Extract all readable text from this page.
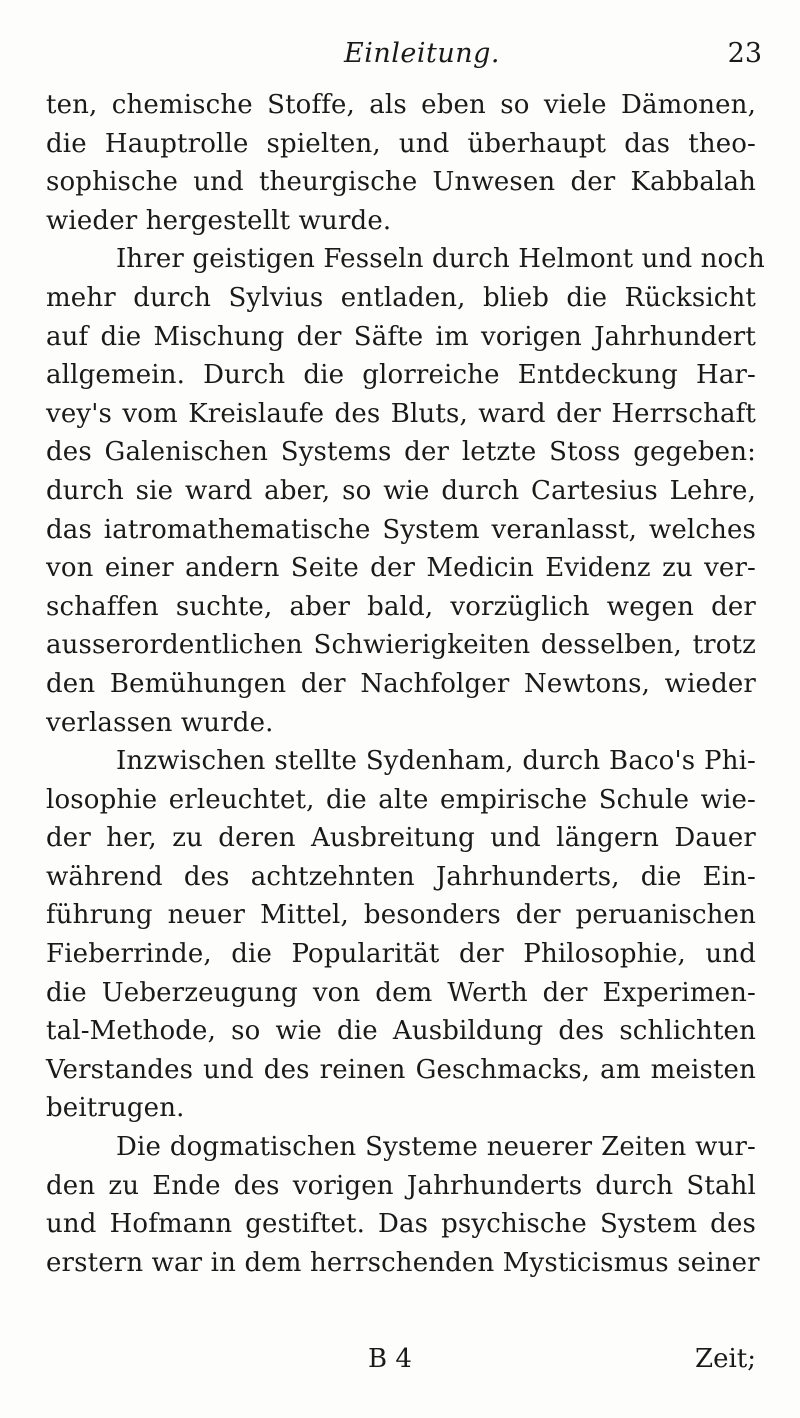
Einleitung.	23
ten, chemische Stoffe, als eben so viele Dämonen,
die Hauptrolle spielten, und überhaupt das theo-
sophische und theurgische Unwesen der Kabbalah
wieder hergestellt wurde.
Ihrer geistigen Fesseln durch Helmont und noch
mehr durch Sylvius entladen, blieb die Rücksicht
auf die Mischung der Säfte im vorigen Jahrhundert
allgemein. Durch die glorreiche Entdeckung Har-
vey's vom Kreislaufe des Bluts, ward der Herrschaft
des Galenischen Systems der letzte Stoss gegeben:
durch sie ward aber, so wie durch Cartesius Lehre,
das iatromathematische System veranlasst, welches
von einer andern Seite der Medicin Evidenz zu ver-
schaffen suchte, aber bald, vorzüglich wegen der
ausserordentlichen Schwierigkeiten desselben, trotz
den Bemühungen der Nachfolger Newtons, wieder
verlassen wurde.
Inzwischen stellte Sydenham, durch Baco's Phi-
losophie erleuchtet, die alte empirische Schule wie-
der her, zu deren Ausbreitung und längern Dauer
während des achtzehnten Jahrhunderts, die Ein-
führung neuer Mittel, besonders der peruanischen
Fieberrinde, die Popularität der Philosophie, und
die Ueberzeugung von dem Werth der Experimen-
tal-Methode, so wie die Ausbildung des schlichten
Verstandes und des reinen Geschmacks, am meisten
beitrugen.
Die dogmatischen Systeme neuerer Zeiten wur-
den zu Ende des vorigen Jahrhunderts durch Stahl
und Hofmann gestiftet. Das psychische System des
erstern war in dem herrschenden Mysticismus seiner
B 4	Zeit;
